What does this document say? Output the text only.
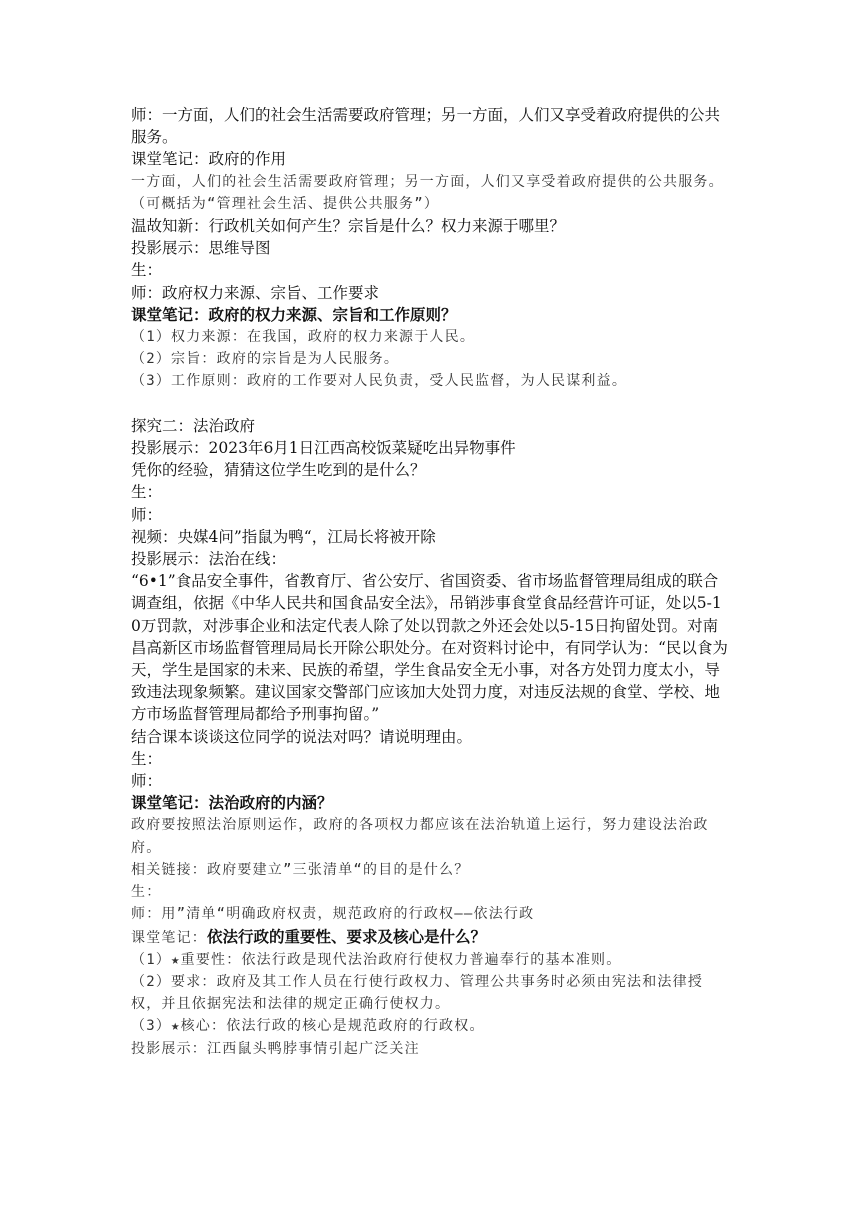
师：一方面，人们的社会生活需要政府管理；另一方面，人们又享受着政府提供的公共服务。
课堂笔记：政府的作用
一方面，人们的社会生活需要政府管理；另一方面，人们又享受着政府提供的公共服务。（可概括为“管理社会生活、提供公共服务”）
温故知新：行政机关如何产生？宗旨是什么？权力来源于哪里？
投影展示：思维导图
生：
师：政府权力来源、宗旨、工作要求
课堂笔记：政府的权力来源、宗旨和工作原则？
（1）权力来源：在我国，政府的权力来源于人民。
（2）宗旨：政府的宗旨是为人民服务。
（3）工作原则：政府的工作要对人民负责，受人民监督，为人民谋利益。
探究二：法治政府
投影展示：2023年6月1日江西高校饭菜疑吃出异物事件
凭你的经验，猜猜这位学生吃到的是什么？
生：
师：
视频：央媒4问”指鼠为鸭“，江局长将被开除
投影展示：法治在线：
“6•1”食品安全事件，省教育厅、省公安厅、省国资委、省市场监督管理局组成的联合调查组，依据《中华人民共和国食品安全法》，吊销涉事食堂食品经营许可证，处以5-10万罚款，对涉事企业和法定代表人除了处以罚款之外还会处以5-15日拘留处罚。对南昌高新区市场监督管理局局长开除公职处分。在对资料讨论中，有同学认为：“民以食为天，学生是国家的未来、民族的希望，学生食品安全无小事，对各方处罚力度太小，导致违法现象频繁。建议国家交警部门应该加大处罚力度，对违反法规的食堂、学校、地方市场监督管理局都给予刑事拘留。”
结合课本谈谈这位同学的说法对吗？请说明理由。
生：
师：
课堂笔记：法治政府的内涵？
政府要按照法治原则运作，政府的各项权力都应该在法治轨道上运行，努力建设法治政府。
相关链接：政府要建立”三张清单“的目的是什么？
生：
师：用”清单“明确政府权责，规范政府的行政权——依法行政
课堂笔记：依法行政的重要性、要求及核心是什么？
（1）★重要性：依法行政是现代法治政府行使权力普遍奉行的基本准则。
（2）要求：政府及其工作人员在行使行政权力、管理公共事务时必须由宪法和法律授权，并且依据宪法和法律的规定正确行使权力。
（3）★核心：依法行政的核心是规范政府的行政权。
投影展示：江西鼠头鸭脖事情引起广泛关注
